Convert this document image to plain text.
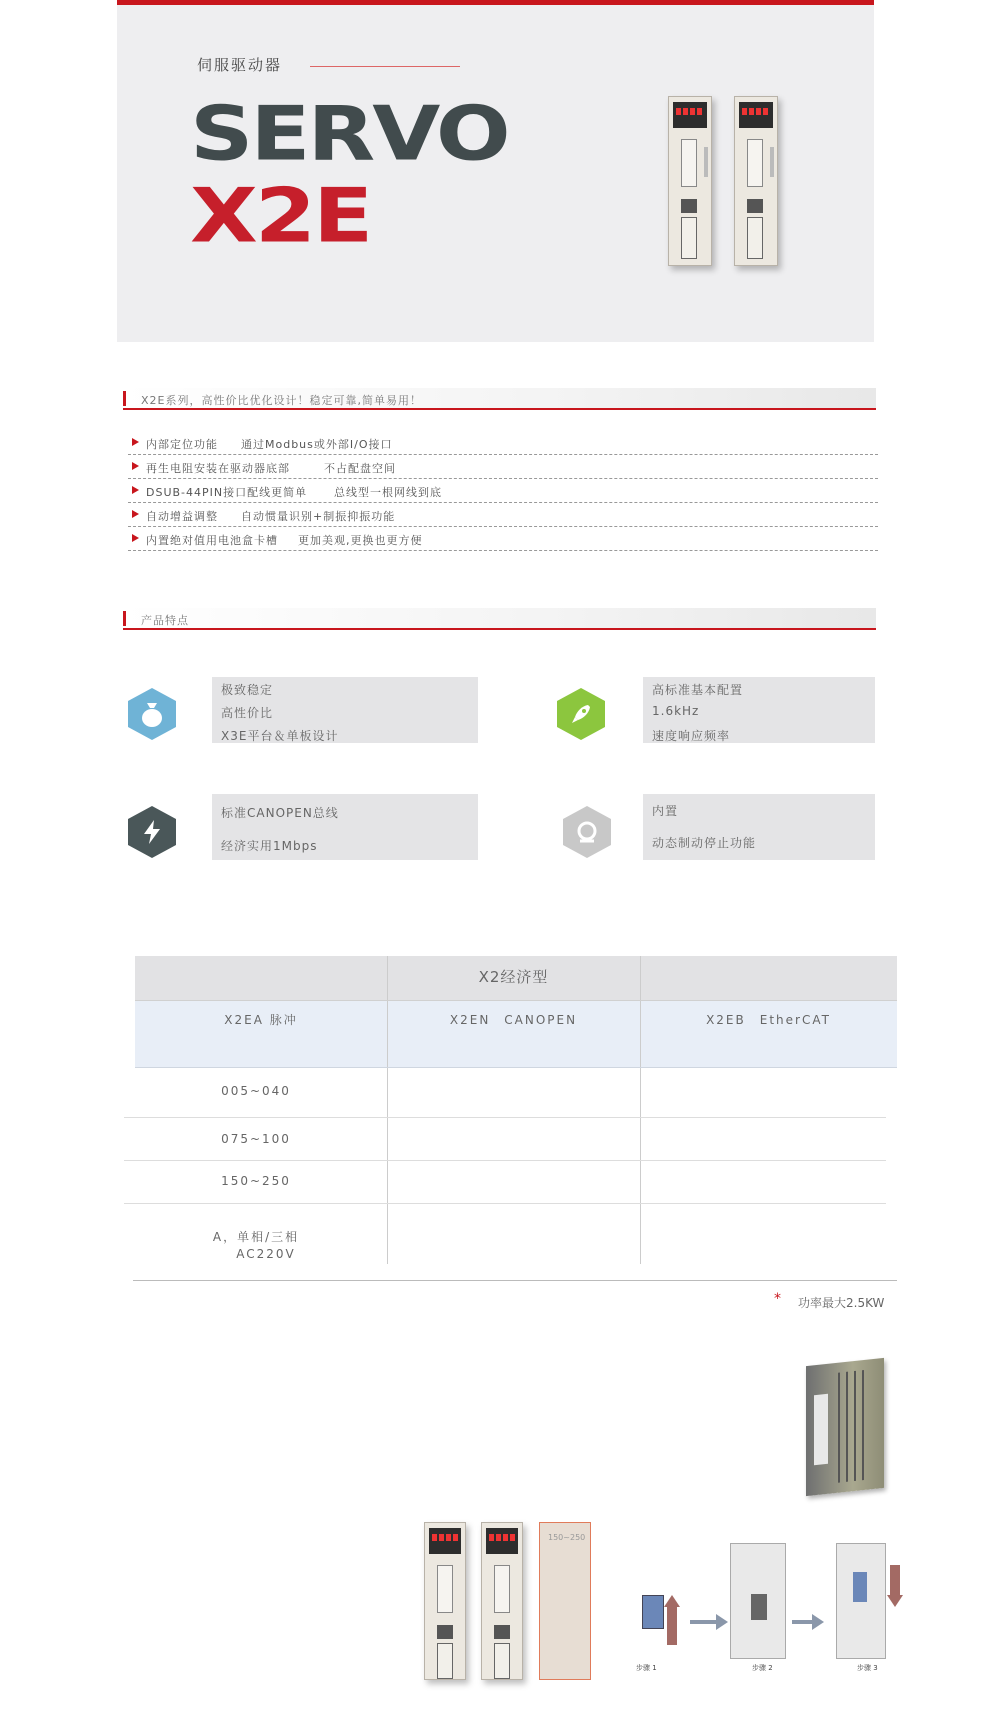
伺服驱动器
SERVO
X2E
X2E系列，高性价比优化设计！稳定可靠,简单易用！
内部定位功能 通过Modbus或外部I/O接口
再生电阻安装在驱动器底部	不占配盘空间
DSUB-44PIN接口配线更简单 总线型一根网线到底
自动增益调整 自动惯量识别+制振抑振功能
内置绝对值用电池盒卡槽 更加美观,更换也更方便
产品特点
极致稳定
高性价比
X3E平台＆单板设计
高标准基本配置
1.6kHz
速度响应频率
标准CANOPEN总线
经济实用1Mbps
内置
动态制动停止功能
X2经济型
X2EA 脉冲	X2EN　CANOPEN	X2EB　EtherCAT
005~040
075~100
150~250
A，单相/三相
AC220V
* 功率最大2.5KW
150~250
步骤 1	步骤 2	步骤 3
